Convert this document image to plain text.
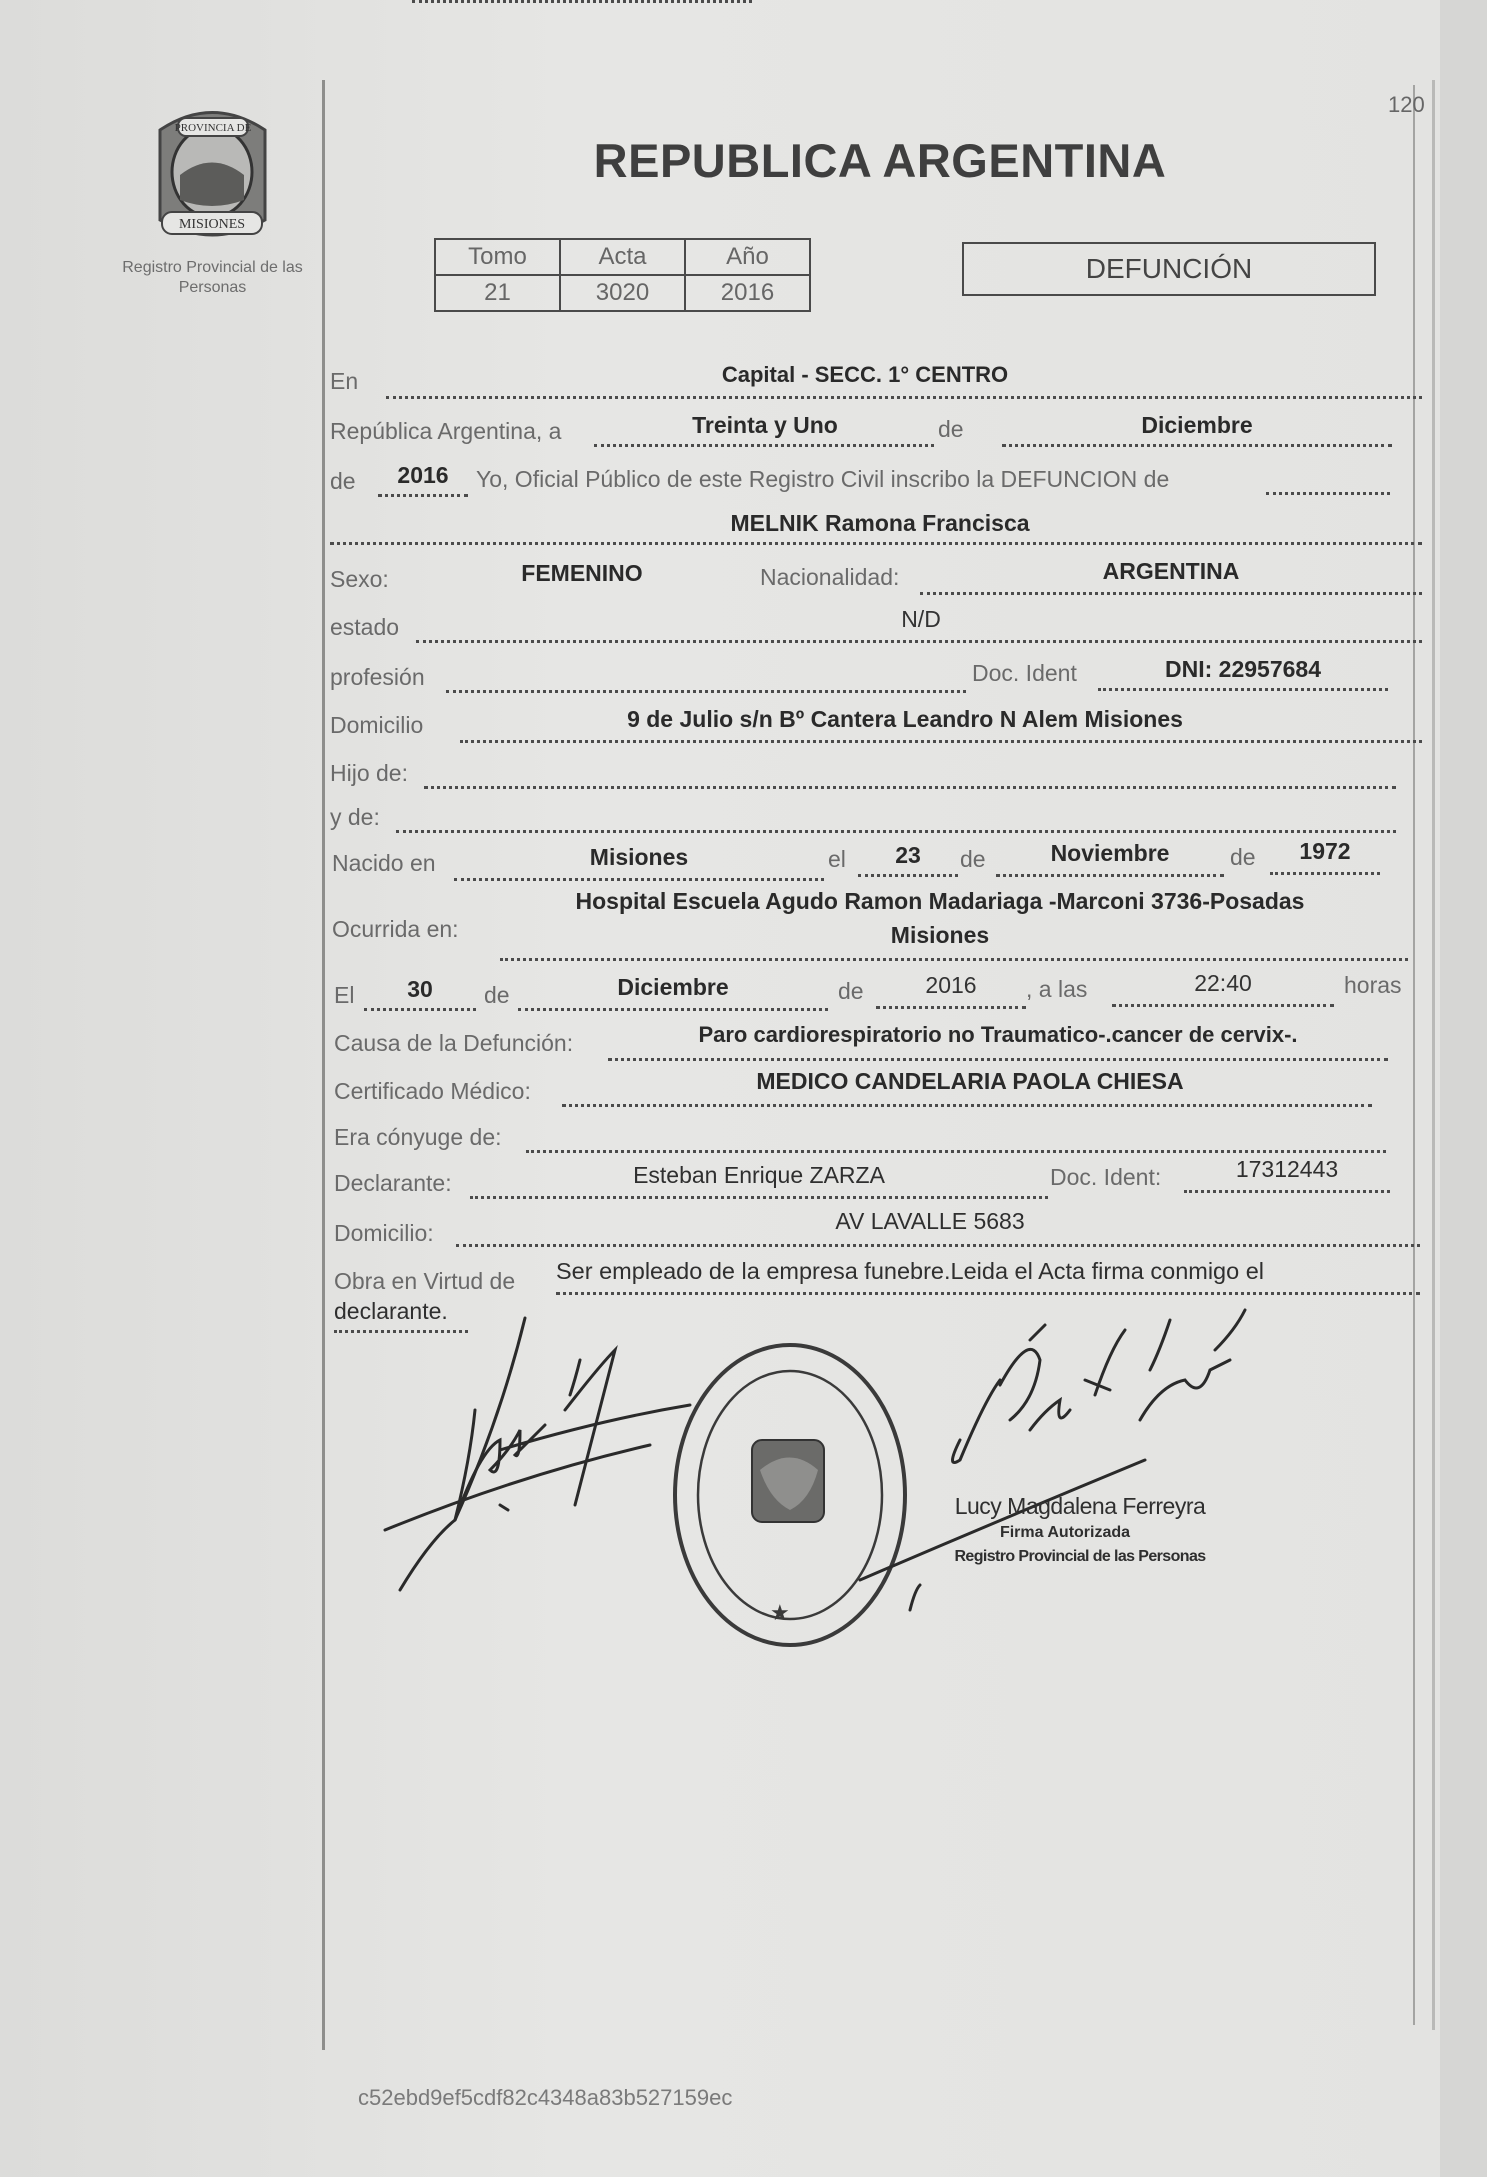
PROVINCIA DE
MISIONES
Registro Provincial de las Personas
120
REPUBLICA ARGENTINA
Tomo	Acta	Año
21	3020	2016
DEFUNCIÓN
En	Capital - SECC. 1° CENTRO
República Argentina, a	Treinta y Uno	de	Diciembre
de	2016	Yo, Oficial Público de este Registro Civil inscribo la DEFUNCION de
MELNIK Ramona Francisca
Sexo:	FEMENINO	Nacionalidad:	ARGENTINA
estado	N/D
profesión	Doc. Ident	DNI: 22957684
Domicilio	9 de Julio s/n Bº Cantera Leandro N Alem Misiones
Hijo de:
y de:
Nacido en	Misiones	el	23	de	Noviembre	de	1972
Ocurrida en:
Hospital Escuela Agudo Ramon Madariaga -Marconi 3736-Posadas
Misiones
El	30	de	Diciembre	de	2016	, a las	22:40	horas
Causa de la Defunción:	Paro cardiorespiratorio no Traumatico-.cancer de cervix-.
Certificado Médico:	MEDICO CANDELARIA PAOLA CHIESA
Era cónyuge de:
Declarante:	Esteban Enrique ZARZA	Doc. Ident:	17312443
Domicilio:	AV LAVALLE 5683
Obra en Virtud de Ser empleado de la empresa funebre.Leida el Acta firma conmigo el
declarante.
★
Lucy Magdalena Ferreyra
Firma Autorizada
Registro Provincial de las Personas
c52ebd9ef5cdf82c4348a83b527159ec
